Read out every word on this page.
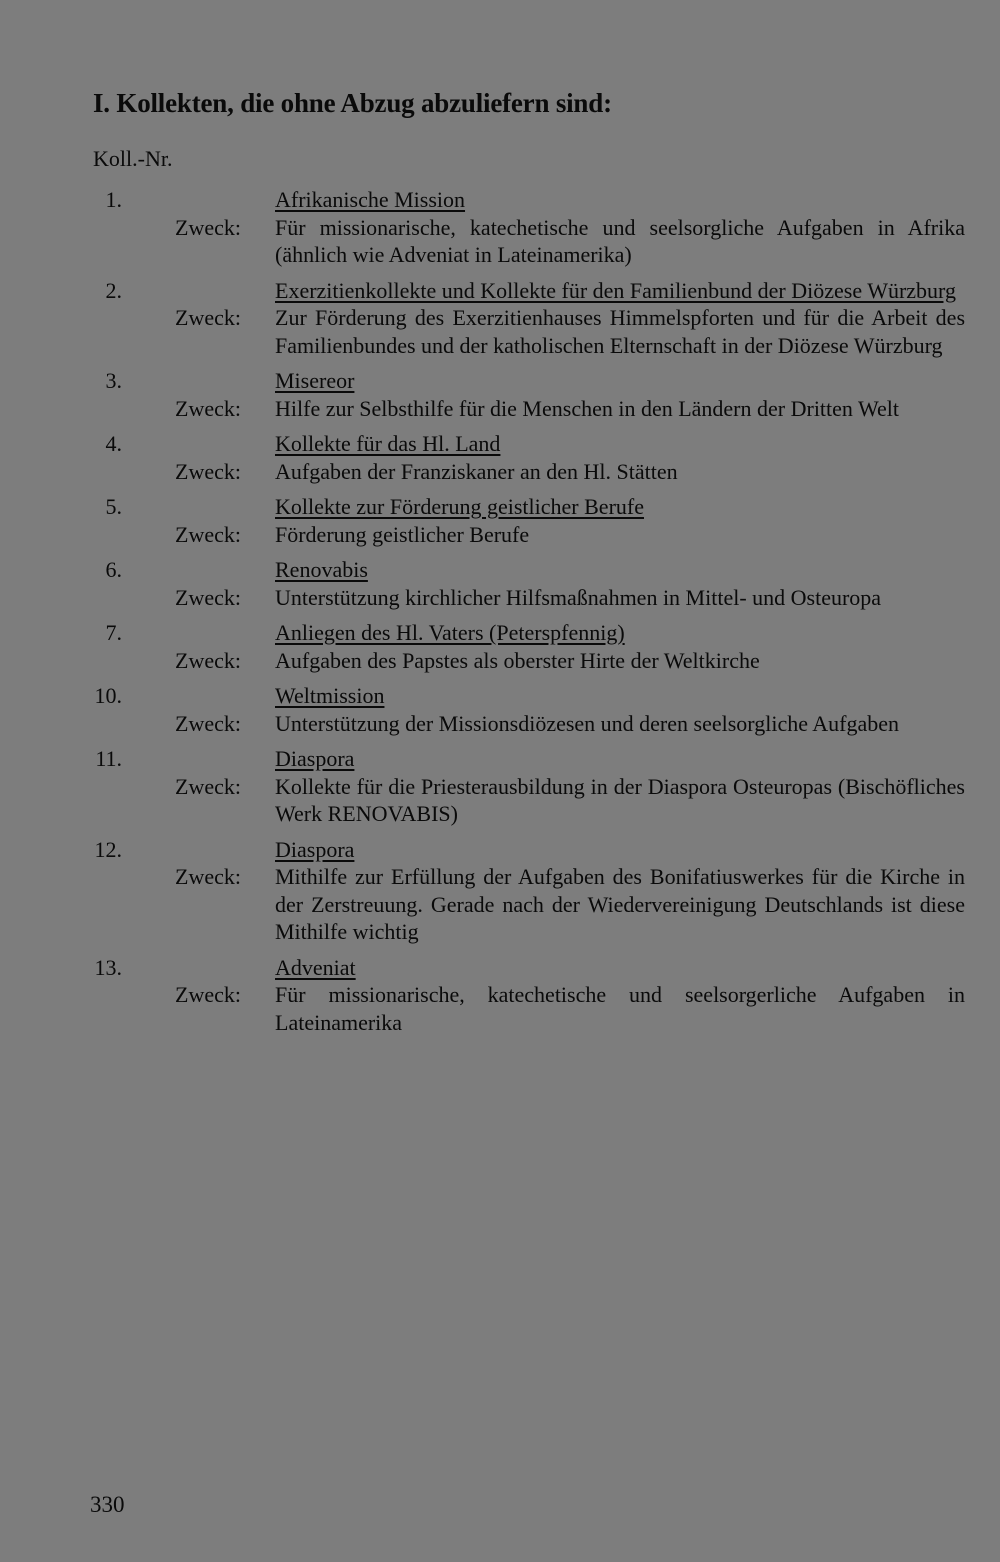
I. Kollekten, die ohne Abzug abzuliefern sind:
Koll.-Nr.
1.	Afrikanische Mission
Zweck: Für missionarische, katechetische und seelsorgliche Aufgaben in Afrika (ähnlich wie Adveniat in Lateinamerika)
2.	Exerzitienkollekte und Kollekte für den Familienbund der Diözese Würzburg
Zweck: Zur Förderung des Exerzitienhauses Himmelspforten und für die Arbeit des Familienbundes und der katholischen Elternschaft in der Diözese Würzburg
3.	Misereor
Zweck: Hilfe zur Selbsthilfe für die Menschen in den Ländern der Dritten Welt
4.	Kollekte für das Hl. Land
Zweck: Aufgaben der Franziskaner an den Hl. Stätten
5.	Kollekte zur Förderung geistlicher Berufe
Zweck: Förderung geistlicher Berufe
6.	Renovabis
Zweck: Unterstützung kirchlicher Hilfsmaßnahmen in Mittel- und Osteuropa
7.	Anliegen des Hl. Vaters (Peterspfennig)
Zweck: Aufgaben des Papstes als oberster Hirte der Weltkirche
10.	Weltmission
Zweck: Unterstützung der Missionsdiözesen und deren seelsorgliche Aufgaben
11.	Diaspora
Zweck: Kollekte für die Priesterausbildung in der Diaspora Osteuropas (Bischöfliches Werk RENOVABIS)
12.	Diaspora
Zweck: Mithilfe zur Erfüllung der Aufgaben des Bonifatiuswerkes für die Kirche in der Zerstreuung. Gerade nach der Wiedervereinigung Deutschlands ist diese Mithilfe wichtig
13.	Adveniat
Zweck: Für missionarische, katechetische und seelsorgerliche Aufgaben in Lateinamerika
330
